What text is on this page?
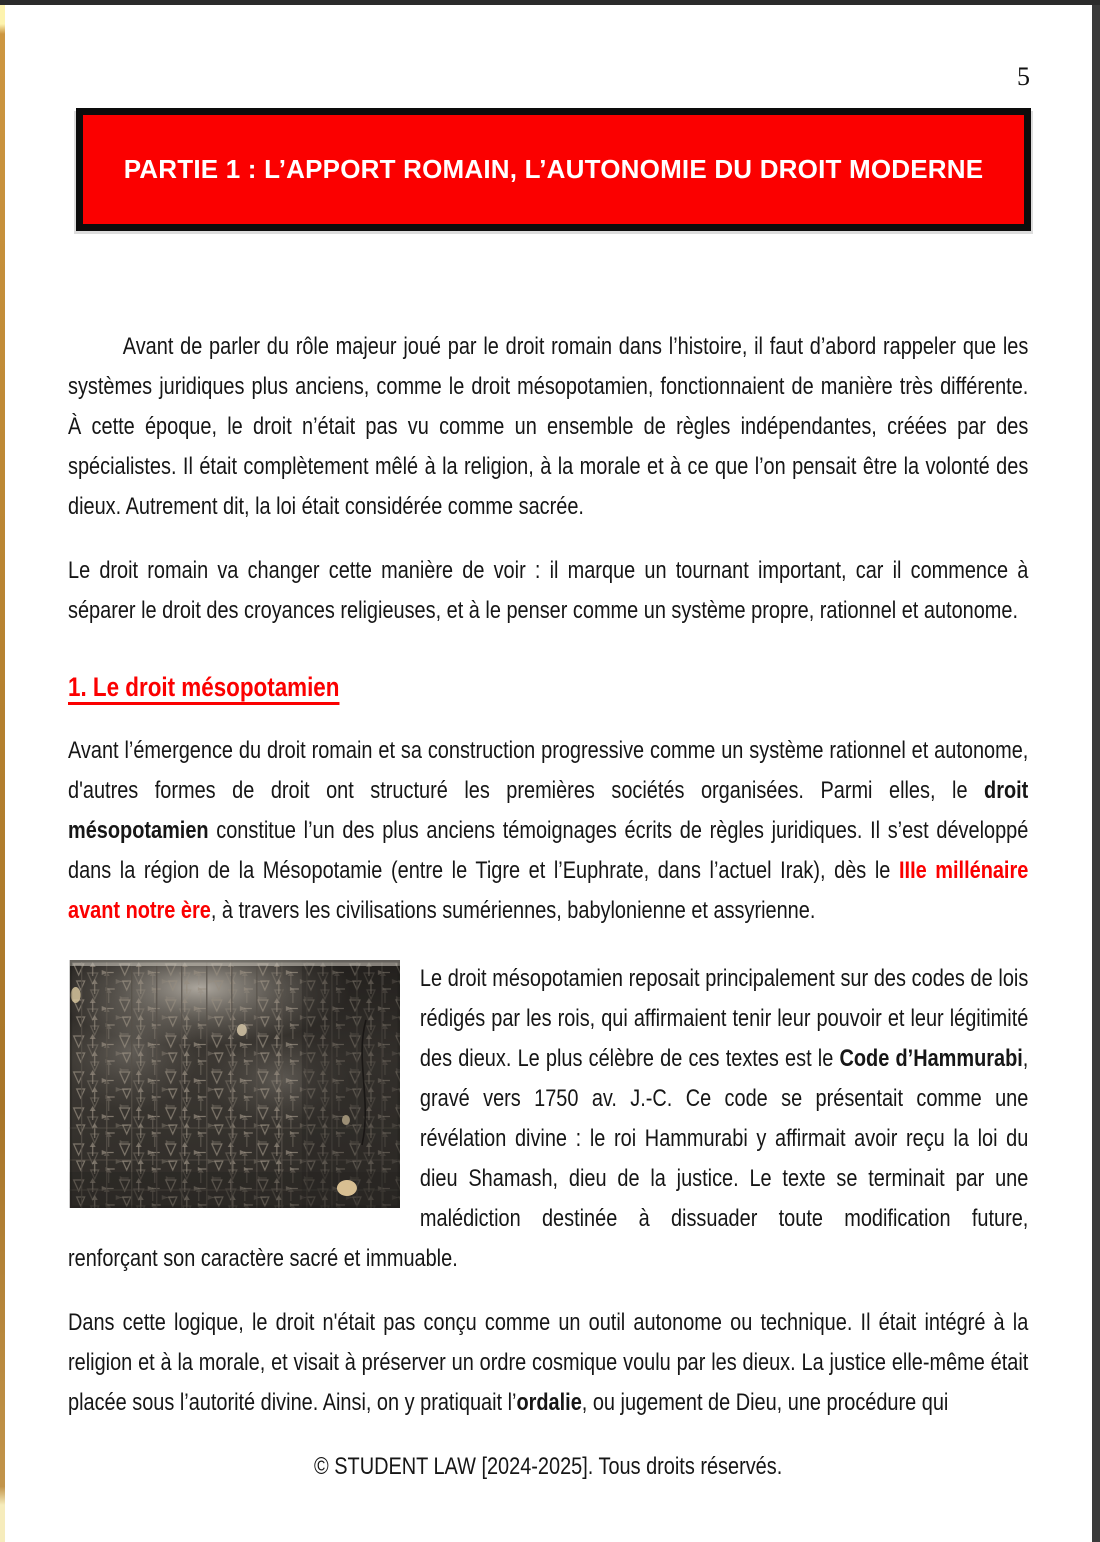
5
PARTIE 1 : L’APPORT ROMAIN, L’AUTONOMIE DU DROIT MODERNE

Avant de parler du rôle majeur joué par le droit romain dans l’histoire, il faut d’abord rappeler que les systèmes juridiques plus anciens, comme le droit mésopotamien, fonctionnaient de manière très différente. À cette époque, le droit n’était pas vu comme un ensemble de règles indépendantes, créées par des spécialistes. Il était complètement mêlé à la religion, à la morale et à ce que l’on pensait être la volonté des dieux. Autrement dit, la loi était considérée comme sacrée.

Le droit romain va changer cette manière de voir : il marque un tournant important, car il commence à séparer le droit des croyances religieuses, et à le penser comme un système propre, rationnel et autonome.

1. Le droit mésopotamien

Avant l’émergence du droit romain et sa construction progressive comme un système rationnel et autonome, d'autres formes de droit ont structuré les premières sociétés organisées. Parmi elles, le droit mésopotamien constitue l’un des plus anciens témoignages écrits de règles juridiques. Il s’est développé dans la région de la Mésopotamie (entre le Tigre et l’Euphrate, dans l’actuel Irak), dès le IIIe millénaire avant notre ère, à travers les civilisations sumériennes, babylonienne et assyrienne.

Le droit mésopotamien reposait principalement sur des codes de lois rédigés par les rois, qui affirmaient tenir leur pouvoir et leur légitimité des dieux. Le plus célèbre de ces textes est le Code d’Hammurabi, gravé vers 1750 av. J.-C. Ce code se présentait comme une révélation divine : le roi Hammurabi y affirmait avoir reçu la loi du dieu Shamash, dieu de la justice. Le texte se terminait par une malédiction destinée à dissuader toute modification future, renforçant son caractère sacré et immuable.

Dans cette logique, le droit n'était pas conçu comme un outil autonome ou technique. Il était intégré à la religion et à la morale, et visait à préserver un ordre cosmique voulu par les dieux. La justice elle-même était placée sous l’autorité divine. Ainsi, on y pratiquait l’ordalie, ou jugement de Dieu, une procédure qui

© STUDENT LAW [2024-2025]. Tous droits réservés.
